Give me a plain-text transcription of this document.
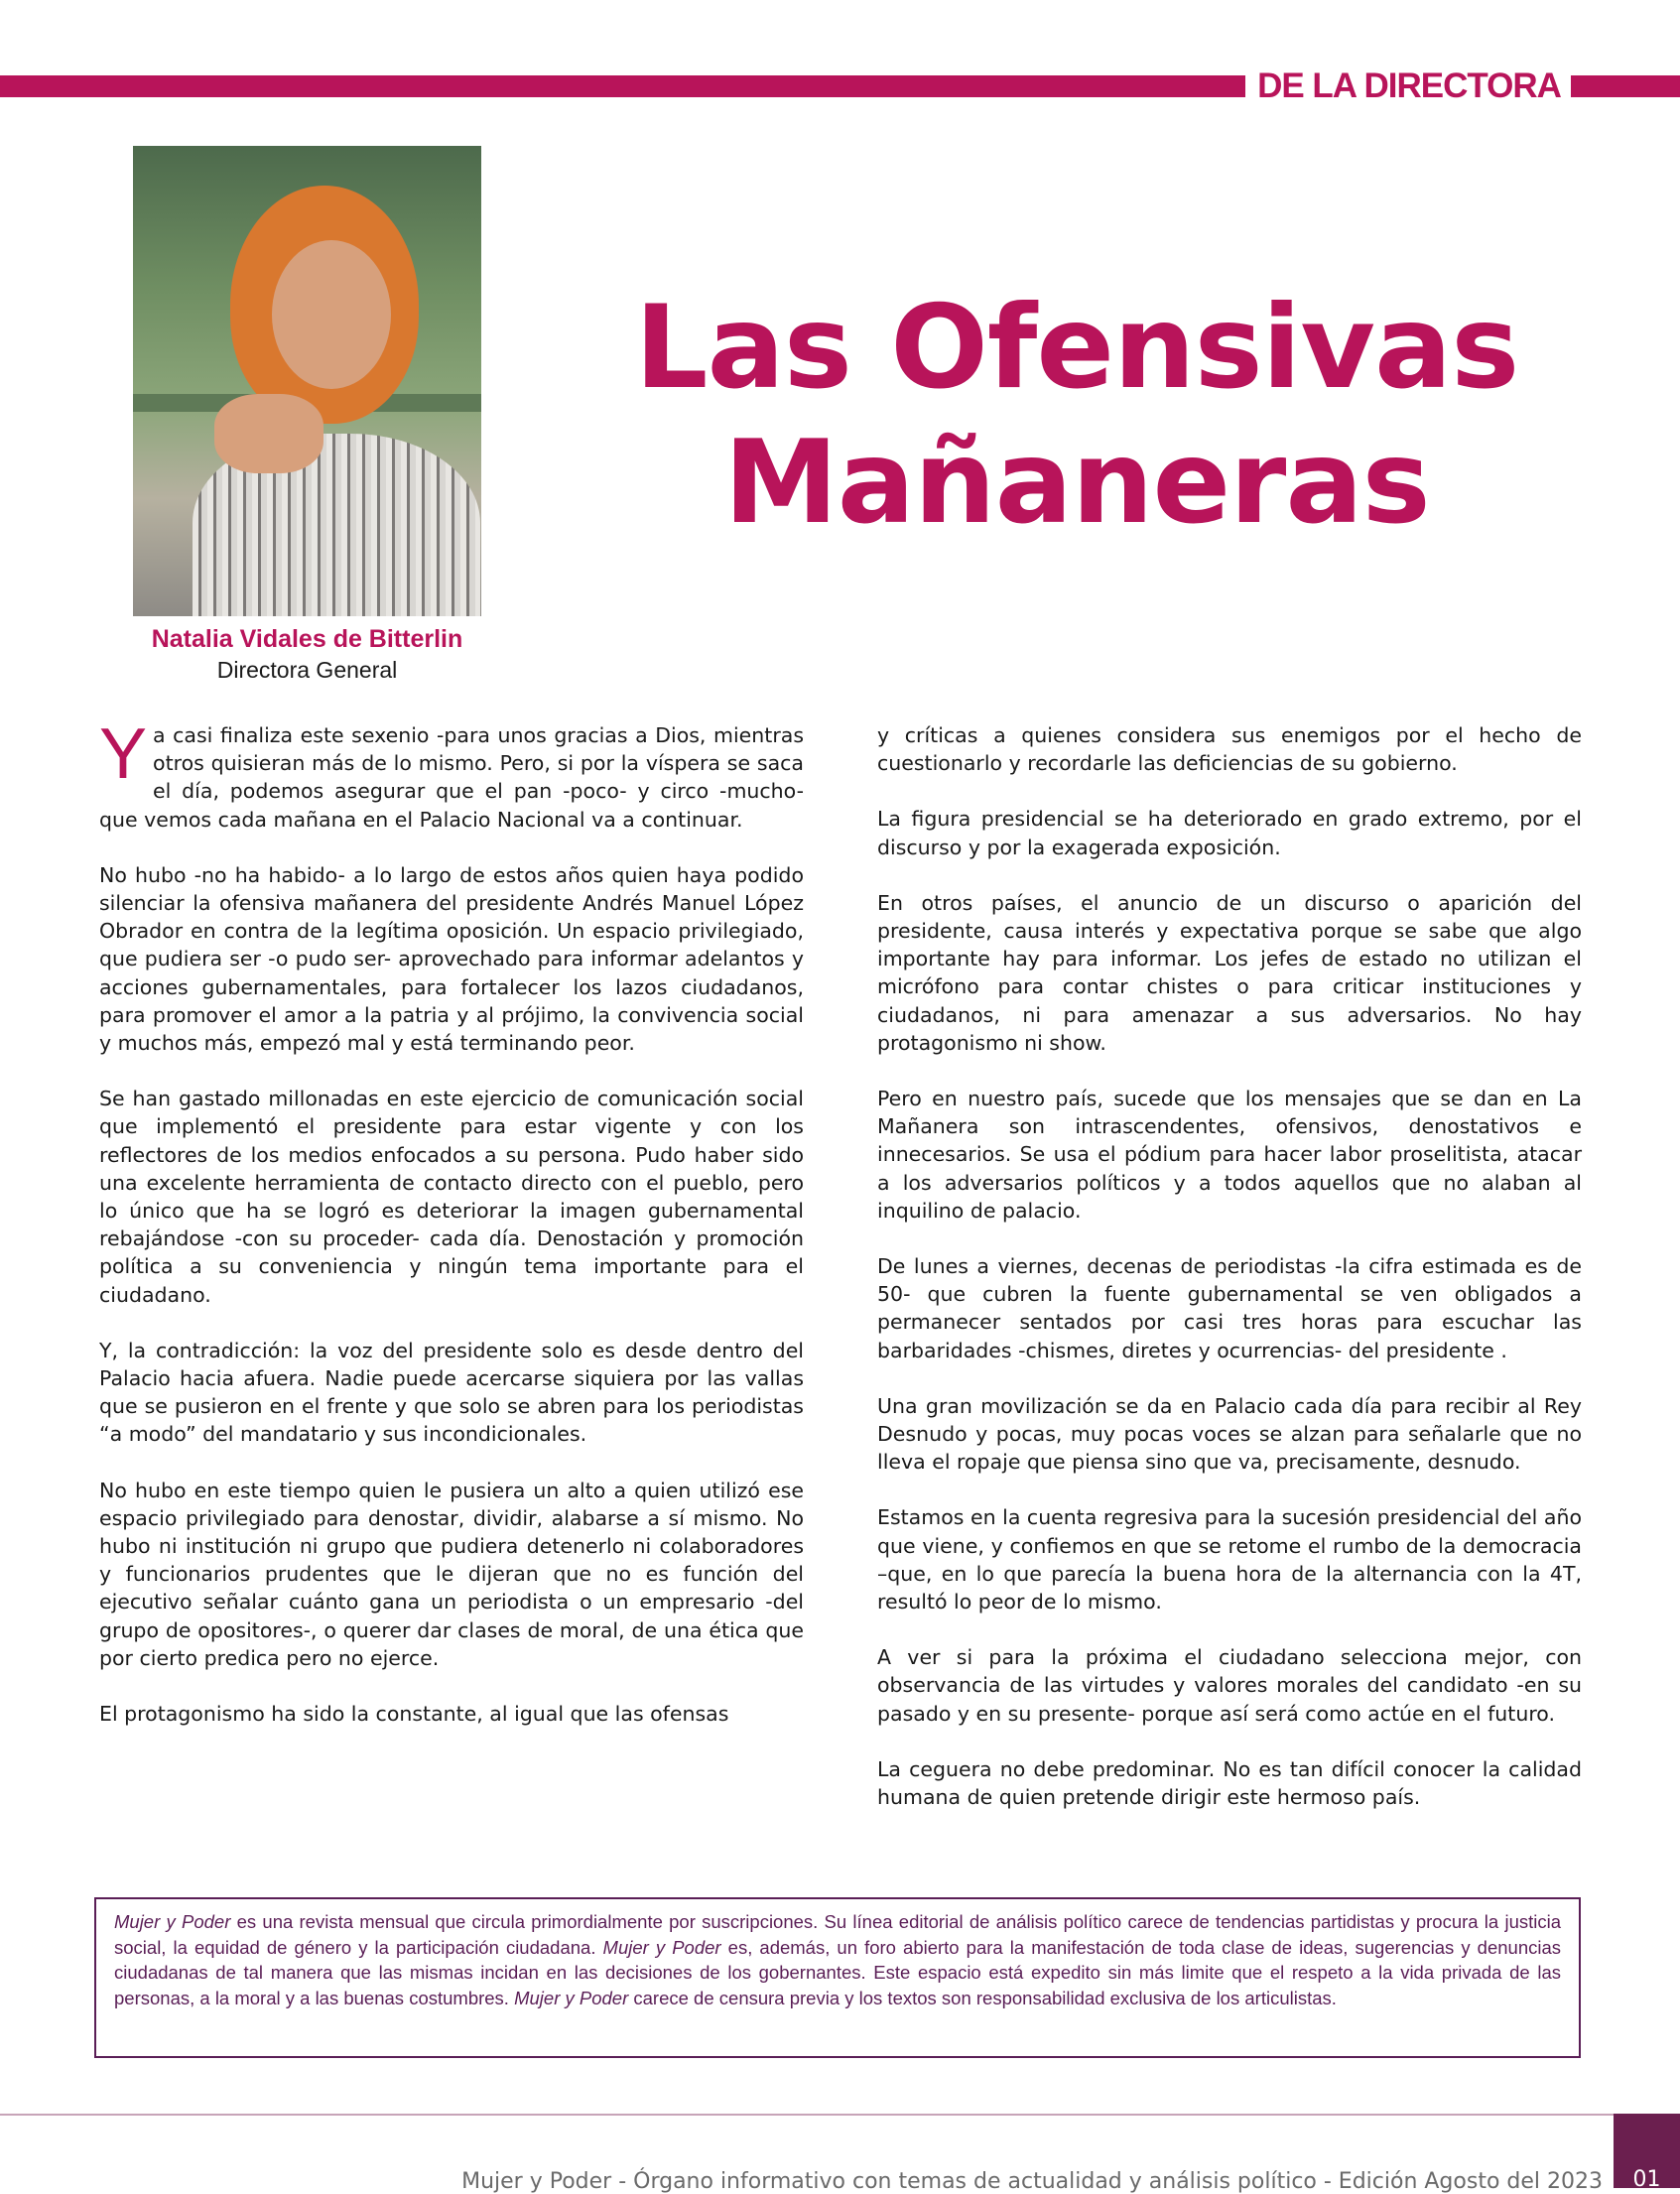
DE LA DIRECTORA
Natalia Vidales de Bitterlin
Directora General
Las Ofensivas
Mañaneras

Ya casi finaliza este sexenio -para unos gracias a Dios, mientras otros quisieran más de lo mismo. Pero, si por la víspera se saca el día, podemos asegurar que el pan -poco- y circo -mucho- que vemos cada mañana en el Palacio Nacional va a continuar.

No hubo -no ha habido- a lo largo de estos años quien haya podido silenciar la ofensiva mañanera del presidente Andrés Manuel López Obrador en contra de la legítima oposición. Un espacio privilegiado, que pudiera ser -o pudo ser- aprovechado para informar adelantos y acciones gubernamentales, para fortalecer los lazos ciudadanos, para promover el amor a la patria y al prójimo, la convivencia social y muchos más, empezó mal y está terminando peor.

Se han gastado millonadas en este ejercicio de comunicación social que implementó el presidente para estar vigente y con los reflectores de los medios enfocados a su persona. Pudo haber sido una excelente herramienta de contacto directo con el pueblo, pero lo único que ha se logró es deteriorar la imagen gubernamental rebajándose -con su proceder- cada día. Denostación y promoción política a su conveniencia y ningún tema importante para el ciudadano.

Y, la contradicción: la voz del presidente solo es desde dentro del Palacio hacia afuera. Nadie puede acercarse siquiera por las vallas que se pusieron en el frente y que solo se abren para los periodistas “a modo” del mandatario y sus incondicionales.

No hubo en este tiempo quien le pusiera un alto a quien utilizó ese espacio privilegiado para denostar, dividir, alabarse a sí mismo. No hubo ni institución ni grupo que pudiera detenerlo ni colaboradores y funcionarios prudentes que le dijeran que no es función del ejecutivo señalar cuánto gana un periodista o un empresario -del grupo de opositores-, o querer dar clases de moral, de una ética que por cierto predica pero no ejerce.

El protagonismo ha sido la constante, al igual que las ofensas

y críticas a quienes considera sus enemigos por el hecho de cuestionarlo y recordarle las deficiencias de su gobierno.

La figura presidencial se ha deteriorado en grado extremo, por el discurso y por la exagerada exposición.

En otros países, el anuncio de un discurso o aparición del presidente, causa interés y expectativa porque se sabe que algo importante hay para informar. Los jefes de estado no utilizan el micrófono para contar chistes o para criticar instituciones y ciudadanos, ni para amenazar a sus adversarios. No hay protagonismo ni show.

Pero en nuestro país, sucede que los mensajes que se dan en La Mañanera son intrascendentes, ofensivos, denostativos e innecesarios. Se usa el pódium para hacer labor proselitista, atacar a los adversarios políticos y a todos aquellos que no alaban al inquilino de palacio.

De lunes a viernes, decenas de periodistas -la cifra estimada es de 50- que cubren la fuente gubernamental se ven obligados a permanecer sentados por casi tres horas para escuchar las barbaridades -chismes, diretes y ocurrencias- del presidente .

Una gran movilización se da en Palacio cada día para recibir al Rey Desnudo y pocas, muy pocas voces se alzan para señalarle que no lleva el ropaje que piensa sino que va, precisamente, desnudo.

Estamos en la cuenta regresiva para la sucesión presidencial del año que viene, y confiemos en que se retome el rumbo de la democracia –que, en lo que parecía la buena hora de la alternancia con la 4T, resultó lo peor de lo mismo.

A ver si para la próxima el ciudadano selecciona mejor, con observancia de las virtudes y valores morales del candidato -en su pasado y en su presente- porque así será como actúe en el futuro.

La ceguera no debe predominar. No es tan difícil conocer la calidad humana de quien pretende dirigir este hermoso país.

Mujer y Poder es una revista mensual que circula primordialmente por suscripciones. Su línea editorial de análisis político carece de tendencias partidistas y procura la justicia social, la equidad de género y la participación ciudadana. Mujer y Poder es, además, un foro abierto para la manifestación de toda clase de ideas, sugerencias y denuncias ciudadanas de tal manera que las mismas incidan en las decisiones de los gobernantes. Este espacio está expedito sin más limite que el respeto a la vida privada de las personas, a la moral y a las buenas costumbres. Mujer y Poder carece de censura previa y los textos son responsabilidad exclusiva de los articulistas.
Mujer y Poder - Órgano informativo con temas de actualidad y análisis político - Edición Agosto del 2023	01
